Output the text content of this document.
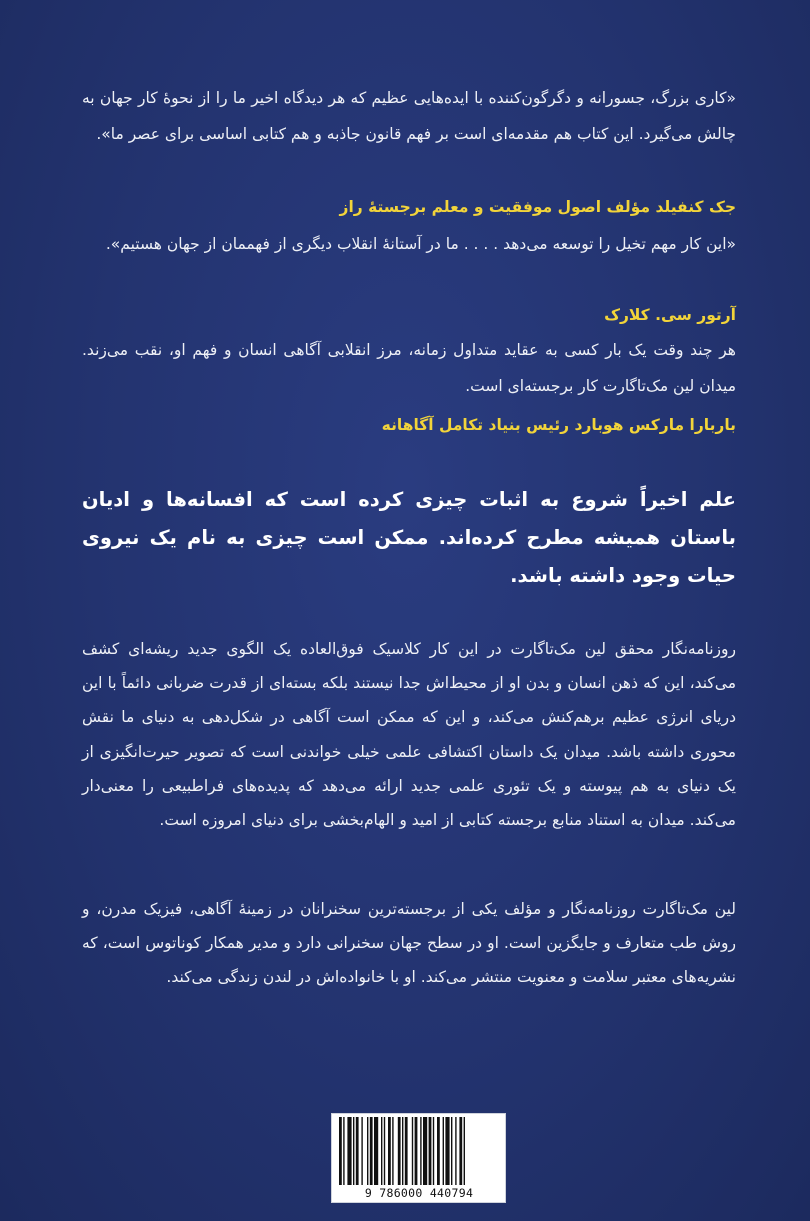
«کاری بزرگ، جسورانه و دگرگون‌کننده با ایده‌هایی عظیم که هر دیدگاه اخیر ما را از نحوهٔ کار جهان به چالش می‌گیرد. این کتاب هم مقدمه‌ای است بر فهم قانون جاذبه و هم کتابی اساسی برای عصر ما».
جک کنفیلد مؤلف اصول موفقیت و معلم برجستهٔ راز
«این کار مهم تخیل را توسعه می‌دهد . . . . ما در آستانهٔ انقلاب دیگری از فهممان از جهان هستیم».
آرتور سی. کلارک
هر چند وقت یک بار کسی به عقاید متداول زمانه، مرز انقلابی آگاهی انسان و فهم او، نقب می‌زند. میدان لین مک‌تاگارت کار برجسته‌ای است.
باربارا مارکس هوبارد رئیس بنیاد تکامل آگاهانه
علم اخیراً شروع به اثبات چیزی کرده است که افسانه‌ها و ادیان باستان همیشه مطرح کرده‌اند. ممکن است چیزی به نام یک نیروی حیات وجود داشته باشد.
روزنامه‌نگار محقق لین مک‌تاگارت در این کار کلاسیک فوق‌العاده یک الگوی جدید ریشه‌ای کشف می‌کند، این که ذهن انسان و بدن او از محیط‌اش جدا نیستند بلکه بسته‌ای از قدرت ضربانی دائماً با این دریای انرژی عظیم برهم‌کنش می‌کند، و این که ممکن است آگاهی در شکل‌دهی به دنیای ما نقش محوری داشته باشد. میدان یک داستان اکتشافی علمی خیلی خواندنی است که تصویر حیرت‌انگیزی از یک دنیای به هم پیوسته و یک تئوری علمی جدید ارائه می‌دهد که پدیده‌های فراطبیعی را معنی‌دار می‌کند. میدان به استناد منابع برجسته کتابی از امید و الهام‌بخشی برای دنیای امروزه است.
لین مک‌تاگارت روزنامه‌نگار و مؤلف یکی از برجسته‌ترین سخنرانان در زمینهٔ آگاهی، فیزیک مدرن، و روش طب متعارف و جایگزین است. او در سطح جهان سخنرانی دارد و مدیر همکار کوناتوس است، که نشریه‌های معتبر سلامت و معنویت منتشر می‌کند. او با خانواده‌اش در لندن زندگی می‌کند.
9 786000 440794
